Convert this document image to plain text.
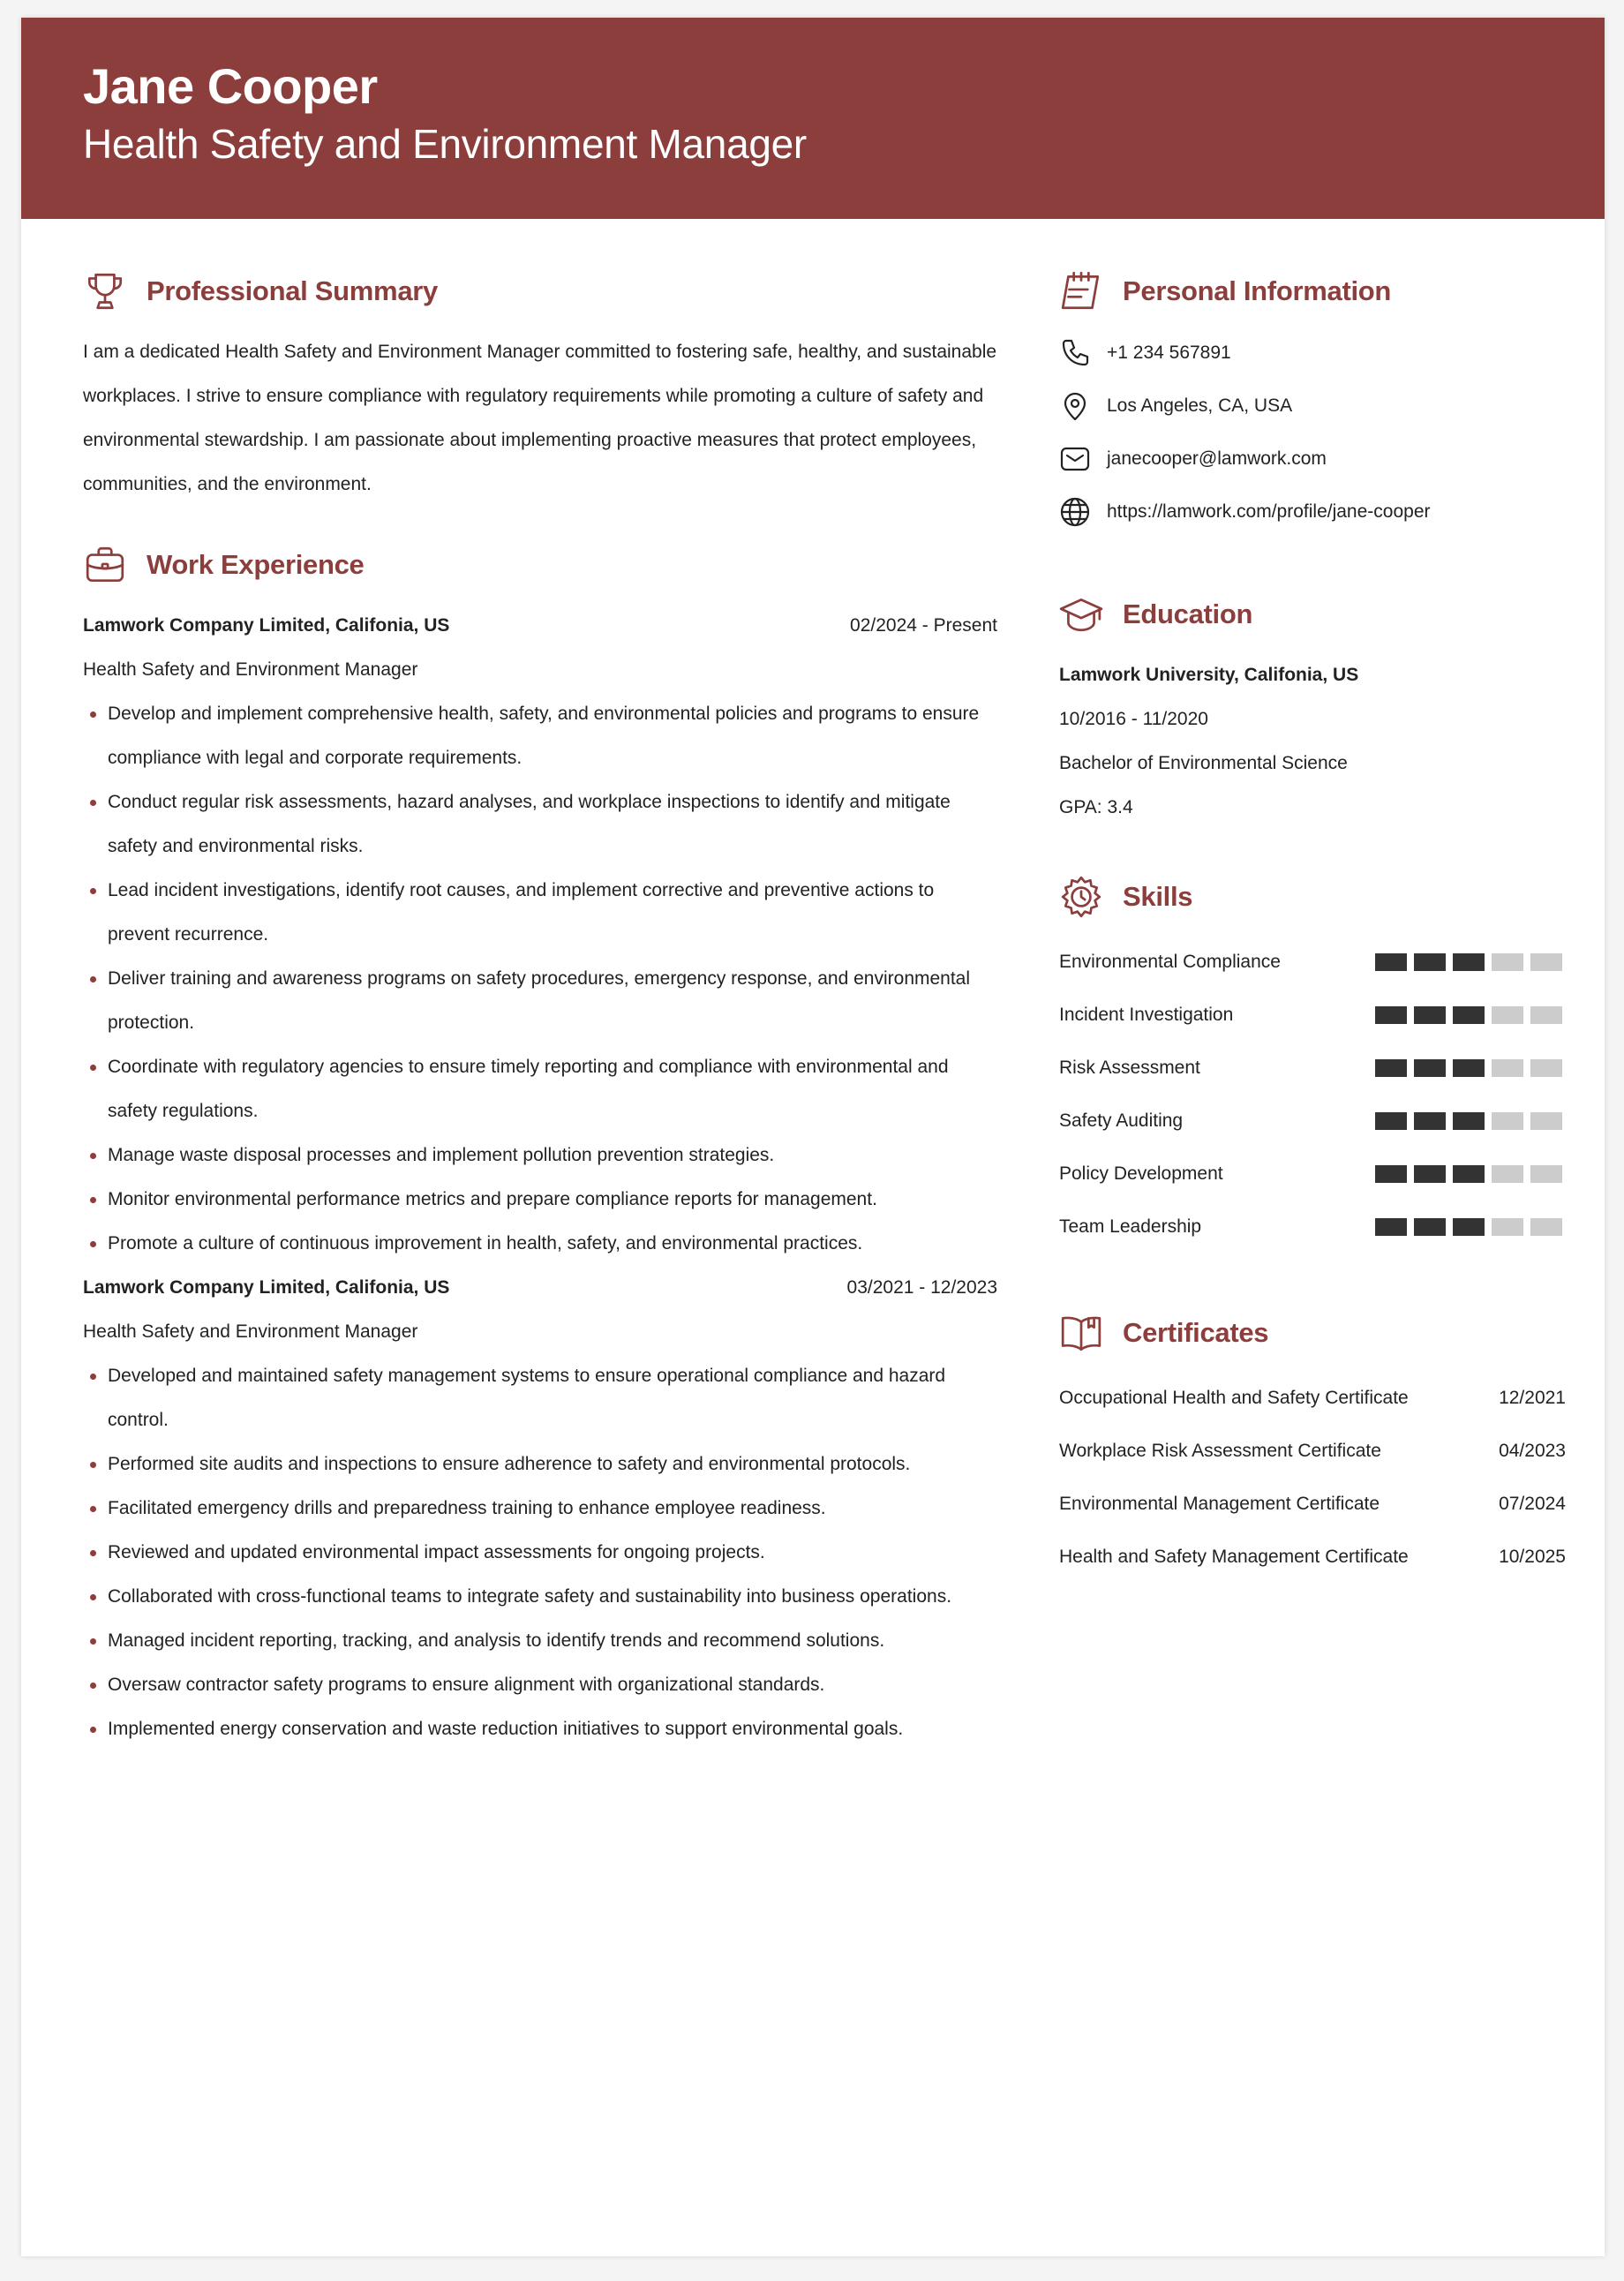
Jane Cooper
Health Safety and Environment Manager
Professional Summary
I am a dedicated Health Safety and Environment Manager committed to fostering safe, healthy, and sustainable workplaces. I strive to ensure compliance with regulatory requirements while promoting a culture of safety and environmental stewardship. I am passionate about implementing proactive measures that protect employees, communities, and the environment.
Work Experience
Lamwork Company Limited, Califonia, US	02/2024 - Present
Health Safety and Environment Manager
Develop and implement comprehensive health, safety, and environmental policies and programs to ensure compliance with legal and corporate requirements.
Conduct regular risk assessments, hazard analyses, and workplace inspections to identify and mitigate safety and environmental risks.
Lead incident investigations, identify root causes, and implement corrective and preventive actions to prevent recurrence.
Deliver training and awareness programs on safety procedures, emergency response, and environmental protection.
Coordinate with regulatory agencies to ensure timely reporting and compliance with environmental and safety regulations.
Manage waste disposal processes and implement pollution prevention strategies.
Monitor environmental performance metrics and prepare compliance reports for management.
Promote a culture of continuous improvement in health, safety, and environmental practices.
Lamwork Company Limited, Califonia, US	03/2021 - 12/2023
Health Safety and Environment Manager
Developed and maintained safety management systems to ensure operational compliance and hazard control.
Performed site audits and inspections to ensure adherence to safety and environmental protocols.
Facilitated emergency drills and preparedness training to enhance employee readiness.
Reviewed and updated environmental impact assessments for ongoing projects.
Collaborated with cross-functional teams to integrate safety and sustainability into business operations.
Managed incident reporting, tracking, and analysis to identify trends and recommend solutions.
Oversaw contractor safety programs to ensure alignment with organizational standards.
Implemented energy conservation and waste reduction initiatives to support environmental goals.
Personal Information
+1 234 567891
Los Angeles, CA, USA
janecooper@lamwork.com
https://lamwork.com/profile/jane-cooper
Education
Lamwork University, Califonia, US
10/2016 - 11/2020
Bachelor of Environmental Science
GPA: 3.4
Skills
Environmental Compliance
Incident Investigation
Risk Assessment
Safety Auditing
Policy Development
Team Leadership
Certificates
Occupational Health and Safety Certificate	12/2021
Workplace Risk Assessment Certificate	04/2023
Environmental Management Certificate	07/2024
Health and Safety Management Certificate	10/2025
